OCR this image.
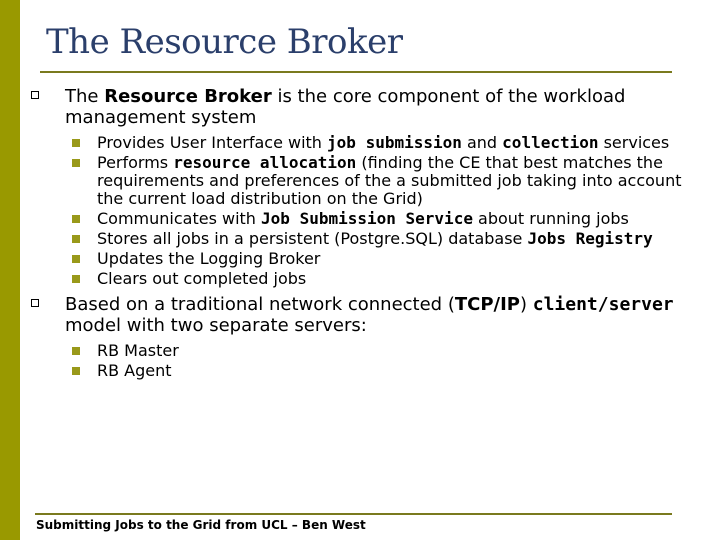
The Resource Broker
The Resource Broker is the core component of the workload management system
Provides User Interface with job submission and collection services
Performs resource allocation (finding the CE that best matches the requirements and preferences of the a submitted job taking into account the current load distribution on the Grid)
Communicates with Job Submission Service about running jobs
Stores all jobs in a persistent (Postgre.SQL) database Jobs Registry
Updates the Logging Broker
Clears out completed jobs
Based on a traditional network connected (TCP/IP) client/server model with two separate servers:
RB Master
RB Agent
Submitting Jobs to the Grid from UCL – Ben West
